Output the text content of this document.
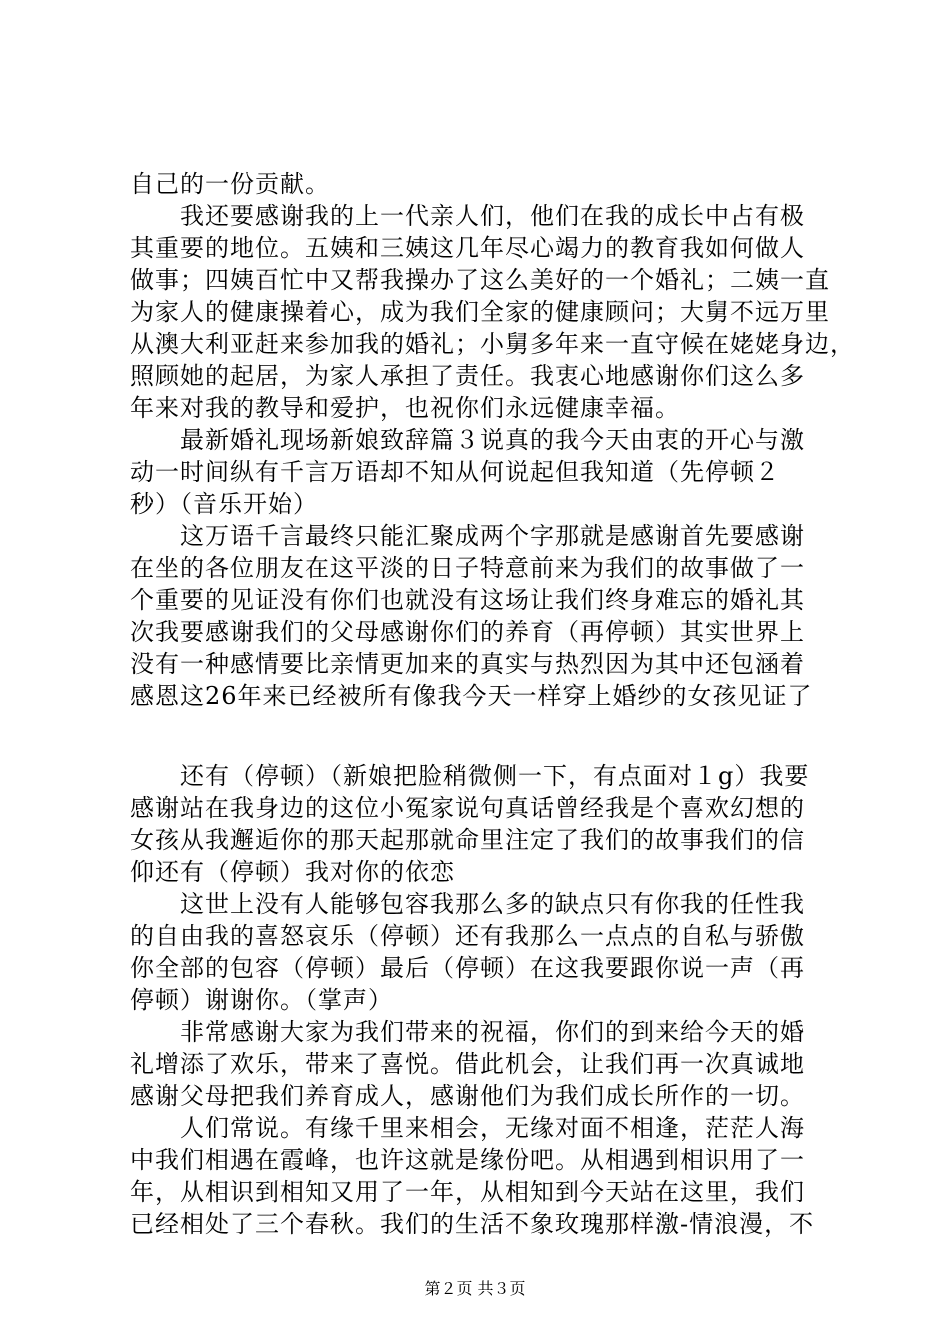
自己的一份贡献。
我还要感谢我的上一代亲人们，他们在我的成长中占有极
其重要的地位。五姨和三姨这几年尽心竭力的教育我如何做人
做事；四姨百忙中又帮我操办了这么美好的一个婚礼；二姨一直
为家人的健康操着心，成为我们全家的健康顾问；大舅不远万里
从澳大利亚赶来参加我的婚礼；小舅多年来一直守候在姥姥身边，
照顾她的起居，为家人承担了责任。我衷心地感谢你们这么多
年来对我的教导和爱护，也祝你们永远健康幸福。
最新婚礼现场新娘致辞篇３说真的我今天由衷的开心与激
动一时间纵有千言万语却不知从何说起但我知道（先停顿２
秒）（音乐开始）
这万语千言最终只能汇聚成两个字那就是感谢首先要感谢
在坐的各位朋友在这平淡的日子特意前来为我们的故事做了一
个重要的见证没有你们也就没有这场让我们终身难忘的婚礼其
次我要感谢我们的父母感谢你们的养育（再停顿）其实世界上
没有一种感情要比亲情更加来的真实与热烈因为其中还包涵着
感恩这26年来已经被所有像我今天一样穿上婚纱的女孩见证了
还有（停顿）（新娘把脸稍微侧一下，有点面对１g）我要
感谢站在我身边的这位小冤家说句真话曾经我是个喜欢幻想的
女孩从我邂逅你的那天起那就命里注定了我们的故事我们的信
仰还有（停顿）我对你的依恋
这世上没有人能够包容我那么多的缺点只有你我的任性我
的自由我的喜怒哀乐（停顿）还有我那么一点点的自私与骄傲
你全部的包容（停顿）最后（停顿）在这我要跟你说一声（再
停顿）谢谢你。（掌声）
非常感谢大家为我们带来的祝福，你们的到来给今天的婚
礼增添了欢乐，带来了喜悦。借此机会，让我们再一次真诚地
感谢父母把我们养育成人，感谢他们为我们成长所作的一切。
人们常说。有缘千里来相会，无缘对面不相逢，茫茫人海
中我们相遇在霞峰，也许这就是缘份吧。从相遇到相识用了一
年，从相识到相知又用了一年，从相知到今天站在这里，我们
已经相处了三个春秋。我们的生活不象玫瑰那样激-情浪漫，不
第２页 共３页
